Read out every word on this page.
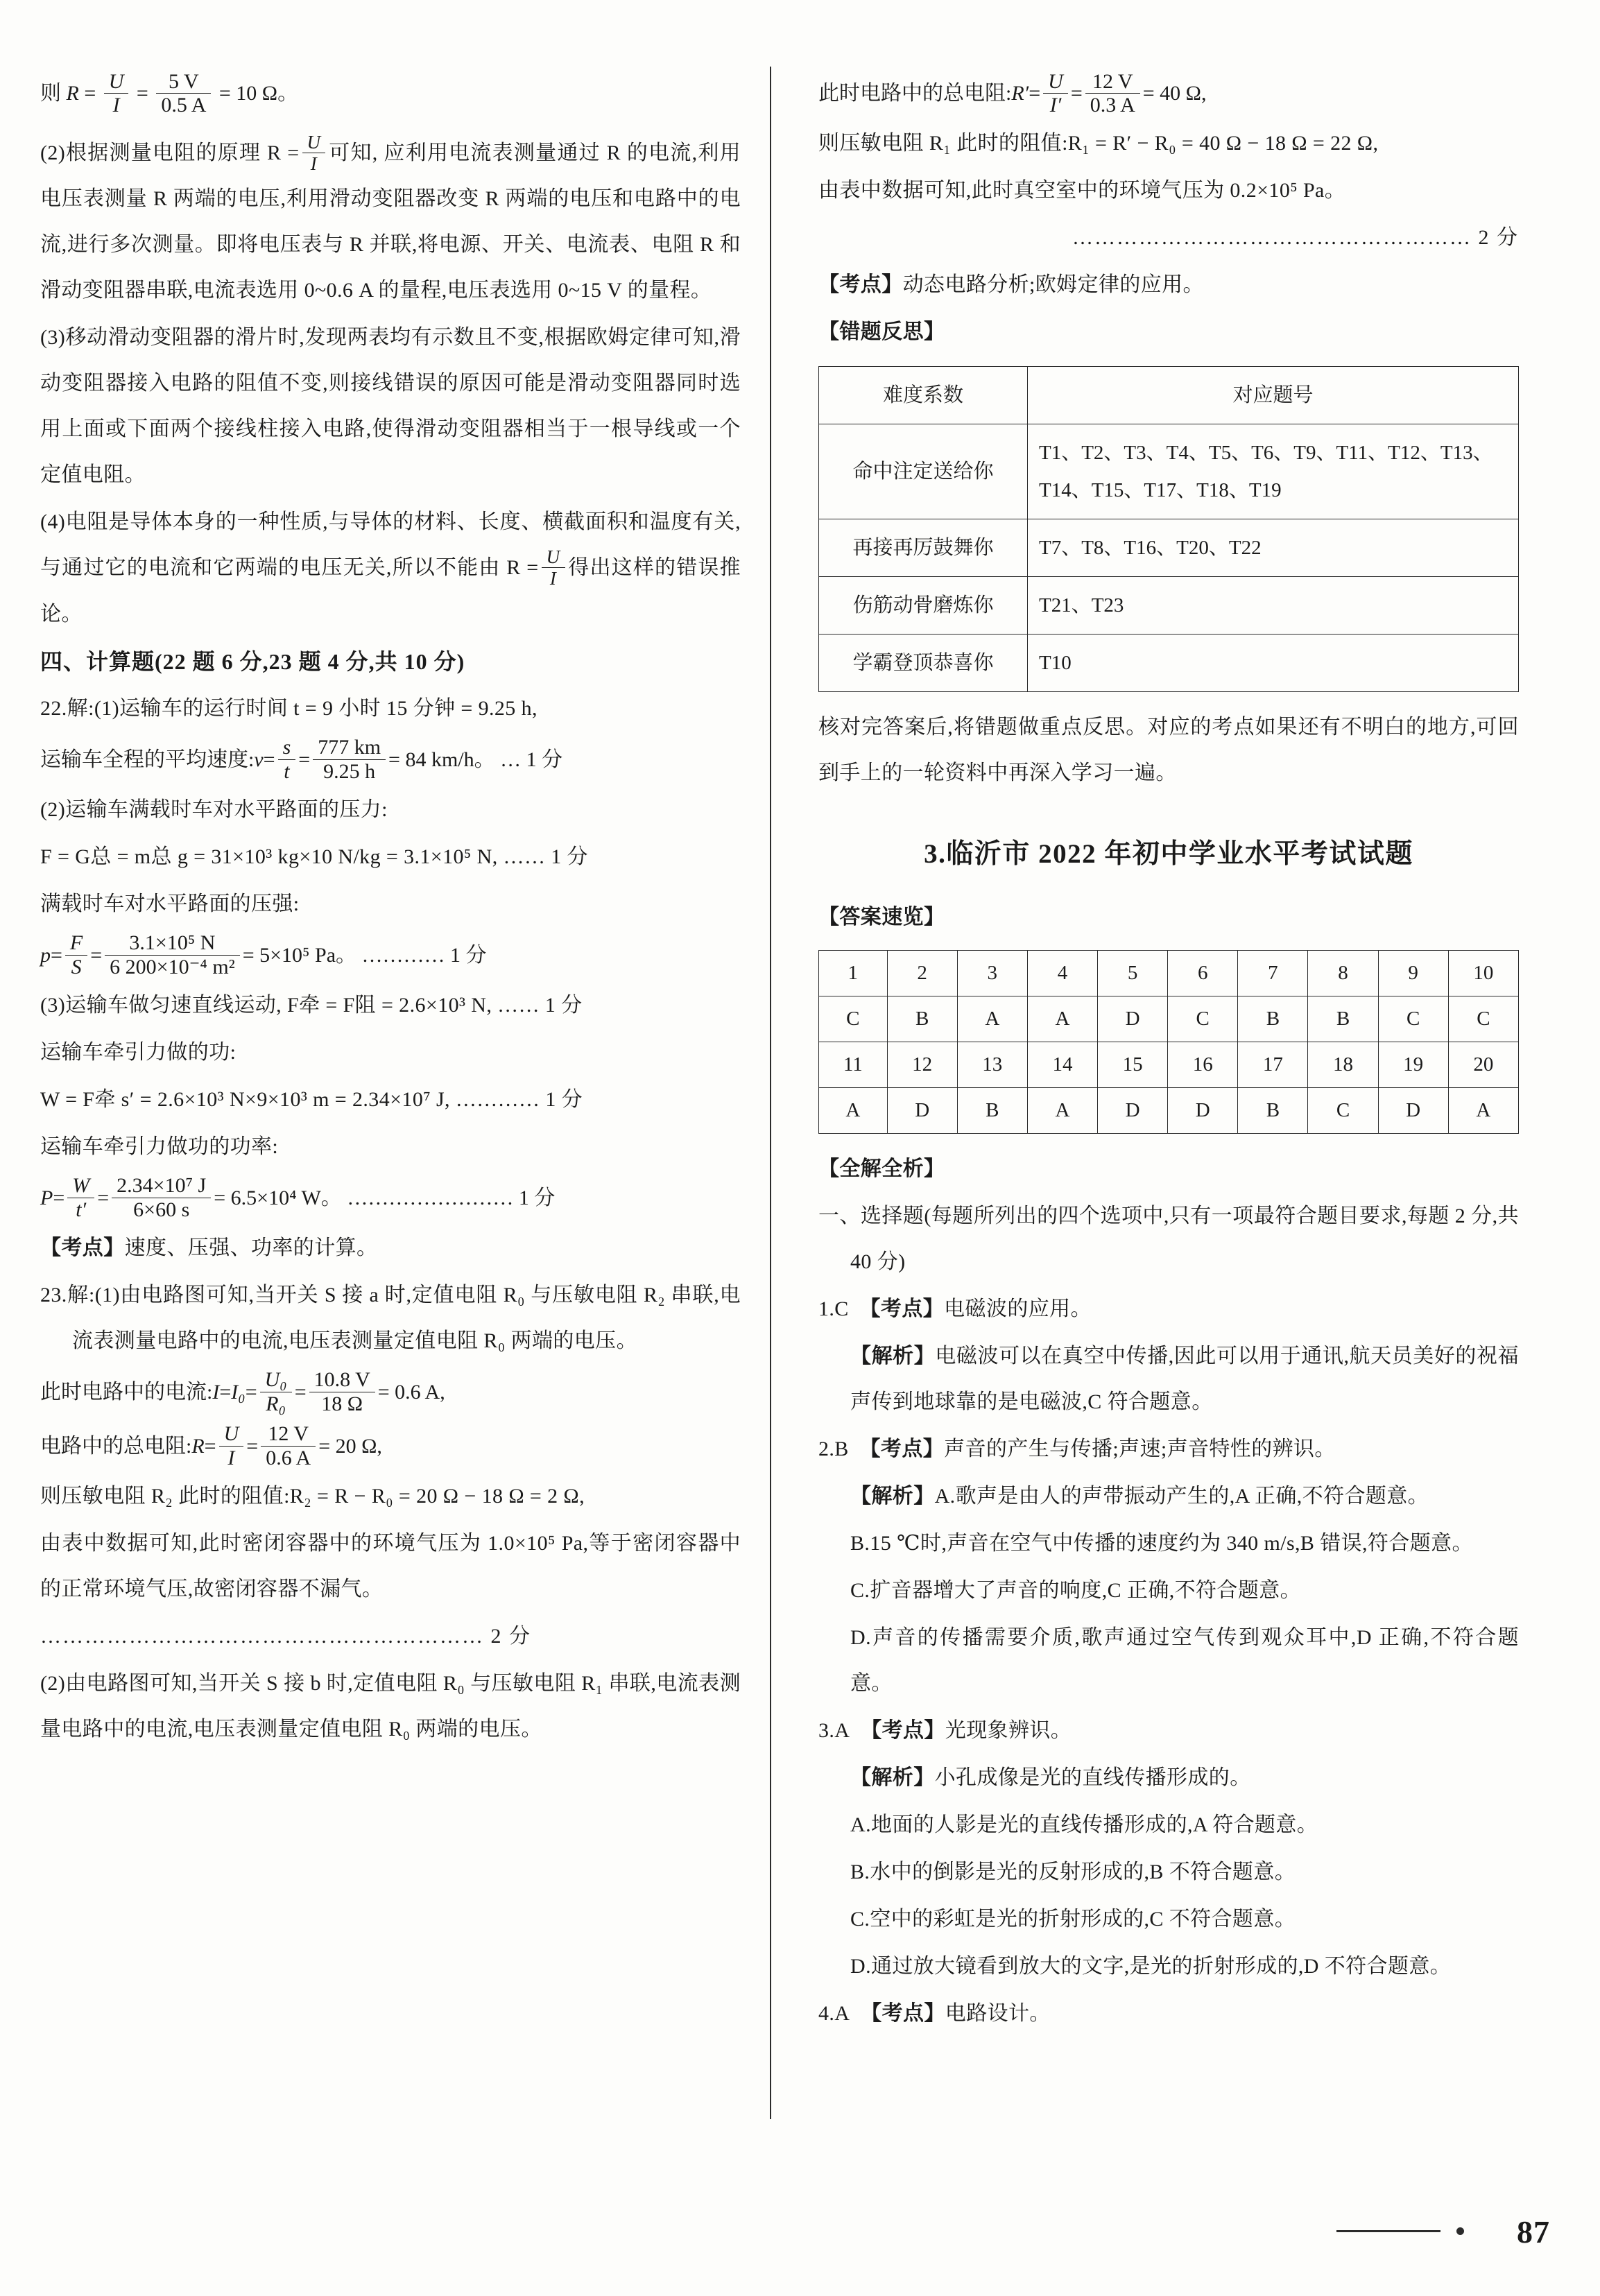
则 $R = \frac{U}{I} = \frac{5 V}{0.5 A} = 10$ Ω。

(2)根据测量电阻的原理 $R = \frac{U}{I}$ 可知, 应利用电流表测量通过 R 的电流,利用电压表测量 R 两端的电压,利用滑动变阻器改变 R 两端的电压和电路中的电流,进行多次测量。即将电压表与 R 并联,将电源、开关、电流表、电阻 R 和滑动变阻器串联,电流表选用 0~0.6 A 的量程,电压表选用 0~15 V 的量程。

(3)移动滑动变阻器的滑片时,发现两表均有示数且不变,根据欧姆定律可知,滑动变阻器接入电路的阻值不变,则接线错误的原因可能是滑动变阻器同时选用上面或下面两个接线柱接入电路,使得滑动变阻器相当于一根导线或一个定值电阻。

(4)电阻是导体本身的一种性质,与导体的材料、长度、横截面积和温度有关,与通过它的电流和它两端的电压无关,所以不能由 $R = \frac{U}{I}$ 得出这样的错误推论。

四、计算题(22 题 6 分,23 题 4 分,共 10 分)

22.解:(1)运输车的运行时间 t = 9 小时 15 分钟 = 9.25 h,

运输车全程的平均速度:v= $\frac{s}{t} = \frac{777 km}{9.25 h} = 84$ km/h。 … 1 分

(2)运输车满载时车对水平路面的压力:

F = G总 = m总 g = 31×10³ kg×10 N/kg = 3.1×10⁵ N, …… 1 分

满载时车对水平路面的压强:

$p= \frac{F}{S} = \frac{\text{3.1×10⁵ N}}{\text{6 200×10⁻⁴ m²}} = 5\times 10^5$ Pa。 ………… 1 分

(3)运输车做匀速直线运动, F牵 = F阻 = 2.6×10³ N, …… 1 分

运输车牵引力做的功:

W = F牵 s′ = 2.6×10³ N×9×10³ m = 2.34×10⁷ J, ………… 1 分

运输车牵引力做功的功率:

$P= \frac{W}{t'} = \frac{\text{2.34×10⁷ J}}{6\times 60 s} = 6.5\times 10^4$ W。 …………………… 1 分

【考点】速度、压强、功率的计算。

23.解:(1)由电路图可知,当开关 S 接 a 时,定值电阻 R₀ 与压敏电阻 R₂ 串联,电流表测量电路中的电流,电压表测量定值电阻 R₀ 两端的电压。

此时电路中的电流:I=I₀= $\frac{\text{U₀}}{\text{R₀}} = \frac{10.8 V}{18 \Omega} = 0.6$ A,
电路中的总电阻:R= $\frac{U}{I} = \frac{12 V}{0.6 A} = 20$ Ω,

则压敏电阻 R₂ 此时的阻值:R₂ = R − R₀ = 20 Ω − 18 Ω = 2 Ω,

由表中数据可知,此时密闭容器中的环境气压为 1.0×10⁵ Pa,等于密闭容器中的正常环境气压,故密闭容器不漏气。

…………………………………………………… 2 分

(2)由电路图可知,当开关 S 接 b 时,定值电阻 R₀ 与压敏电阻 R₁ 串联,电流表测量电路中的电流,电压表测量定值电阻 R₀ 两端的电压。

此时电路中的总电阻:R′= $\frac{U}{I'} = \frac{12 V}{0.3 A} = 40$ Ω,

则压敏电阻 R₁ 此时的阻值:R₁ = R′ − R₀ = 40 Ω − 18 Ω = 22 Ω,

由表中数据可知,此时真空室中的环境气压为 0.2×10⁵ Pa。

……………………………………………… 2 分

【考点】动态电路分析;欧姆定律的应用。

【错题反思】

难度系数	对应题号
命中注定送给你	T1、T2、T3、T4、T5、T6、T9、T11、T12、T13、T14、T15、T17、T18、T19
再接再厉鼓舞你	T7、T8、T16、T20、T22
伤筋动骨磨炼你	T21、T23
学霸登顶恭喜你	T10

核对完答案后,将错题做重点反思。对应的考点如果还有不明白的地方,可回到手上的一轮资料中再深入学习一遍。

3.临沂市 2022 年初中学业水平考试试题

【答案速览】

1	2	3	4	5	6	7	8	9	10
C	B	A	A	D	C	B	B	C	C
11	12	13	14	15	16	17	18	19	20
A	D	B	A	D	D	B	C	D	A

【全解全析】

一、选择题(每题所列出的四个选项中,只有一项最符合题目要求,每题 2 分,共 40 分)

1.C 【考点】电磁波的应用。

【解析】电磁波可以在真空中传播,因此可以用于通讯,航天员美好的祝福声传到地球靠的是电磁波,C 符合题意。

2.B 【考点】声音的产生与传播;声速;声音特性的辨识。

【解析】A.歌声是由人的声带振动产生的,A 正确,不符合题意。

B.15 ℃时,声音在空气中传播的速度约为 340 m/s,B 错误,符合题意。

C.扩音器增大了声音的响度,C 正确,不符合题意。

D.声音的传播需要介质,歌声通过空气传到观众耳中,D 正确,不符合题意。

3.A 【考点】光现象辨识。

【解析】小孔成像是光的直线传播形成的。

A.地面的人影是光的直线传播形成的,A 符合题意。

B.水中的倒影是光的反射形成的,B 不符合题意。

C.空中的彩虹是光的折射形成的,C 不符合题意。

D.通过放大镜看到放大的文字,是光的折射形成的,D 不符合题意。

4.A 【考点】电路设计。

87
